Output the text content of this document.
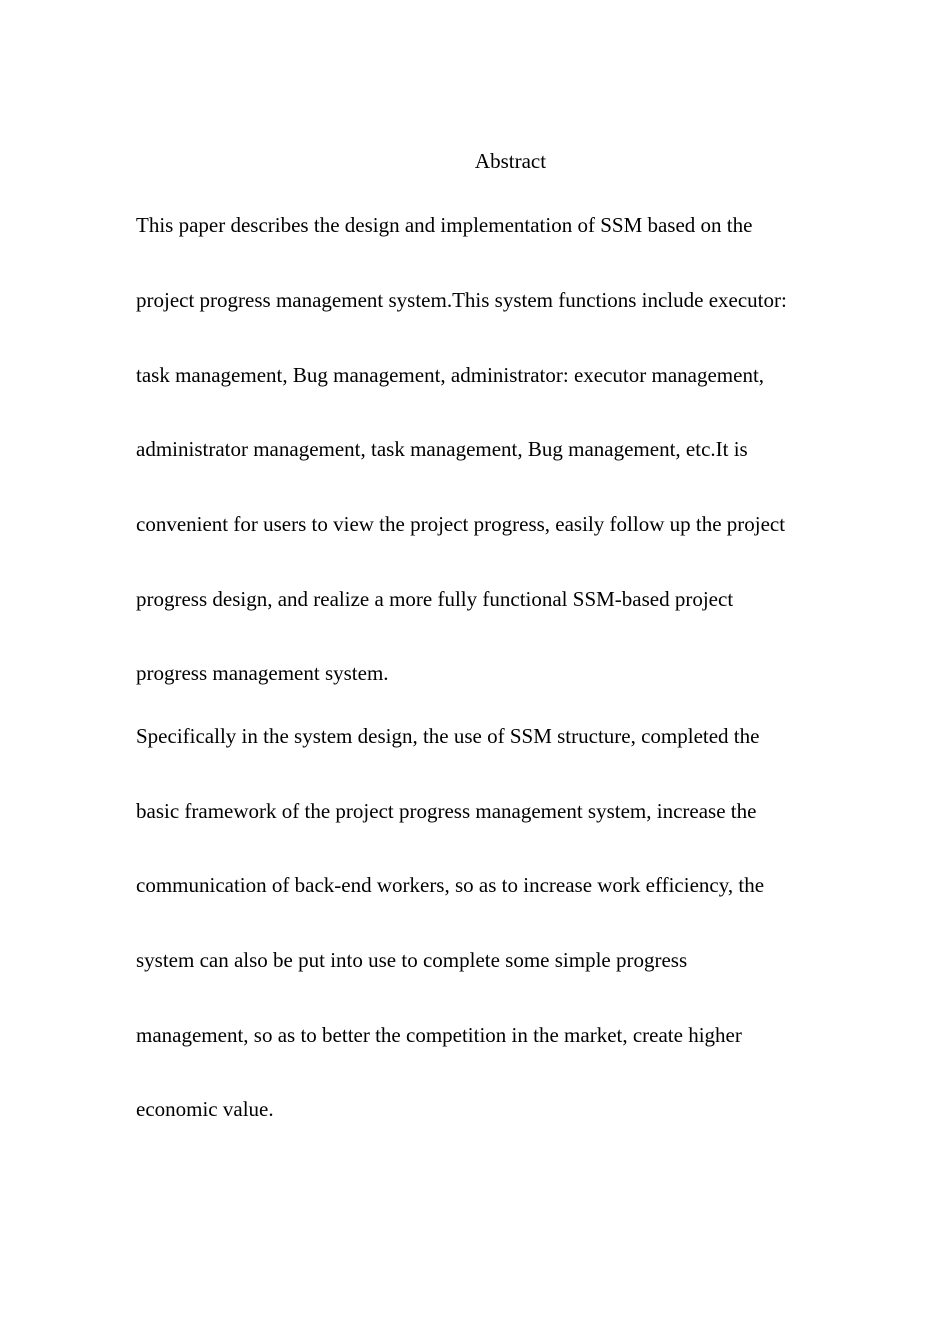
Abstract

This paper describes the design and implementation of SSM based on the

project progress management system.This system functions include executor:

task management, Bug management, administrator: executor management,

administrator management, task management, Bug management, etc.It is

convenient for users to view the project progress, easily follow up the project

progress design, and realize a more fully functional SSM-based project

progress management system.

Specifically in the system design, the use of SSM structure, completed the

basic framework of the project progress management system, increase the

communication of back-end workers, so as to increase work efficiency, the

system can also be put into use to complete some simple progress

management, so as to better the competition in the market, create higher

economic value.
